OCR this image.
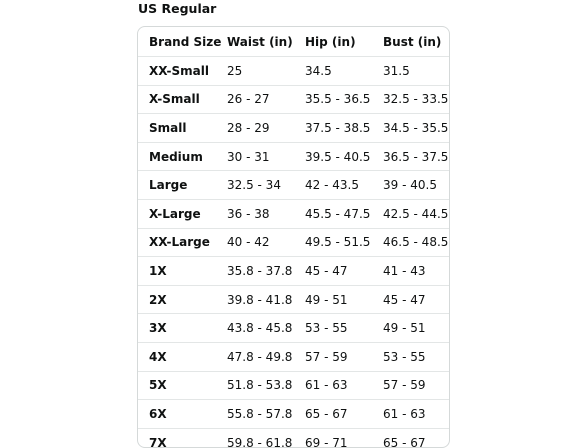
US Regular
Brand Size	Waist (in)	Hip (in)	Bust (in)
XX-Small	25	34.5	31.5
X-Small	26 - 27	35.5 - 36.5	32.5 - 33.5
Small	28 - 29	37.5 - 38.5	34.5 - 35.5
Medium	30 - 31	39.5 - 40.5	36.5 - 37.5
Large	32.5 - 34	42 - 43.5	39 - 40.5
X-Large	36 - 38	45.5 - 47.5	42.5 - 44.5
XX-Large	40 - 42	49.5 - 51.5	46.5 - 48.5
1X	35.8 - 37.8	45 - 47	41 - 43
2X	39.8 - 41.8	49 - 51	45 - 47
3X	43.8 - 45.8	53 - 55	49 - 51
4X	47.8 - 49.8	57 - 59	53 - 55
5X	51.8 - 53.8	61 - 63	57 - 59
6X	55.8 - 57.8	65 - 67	61 - 63
7X	59.8 - 61.8	69 - 71	65 - 67
